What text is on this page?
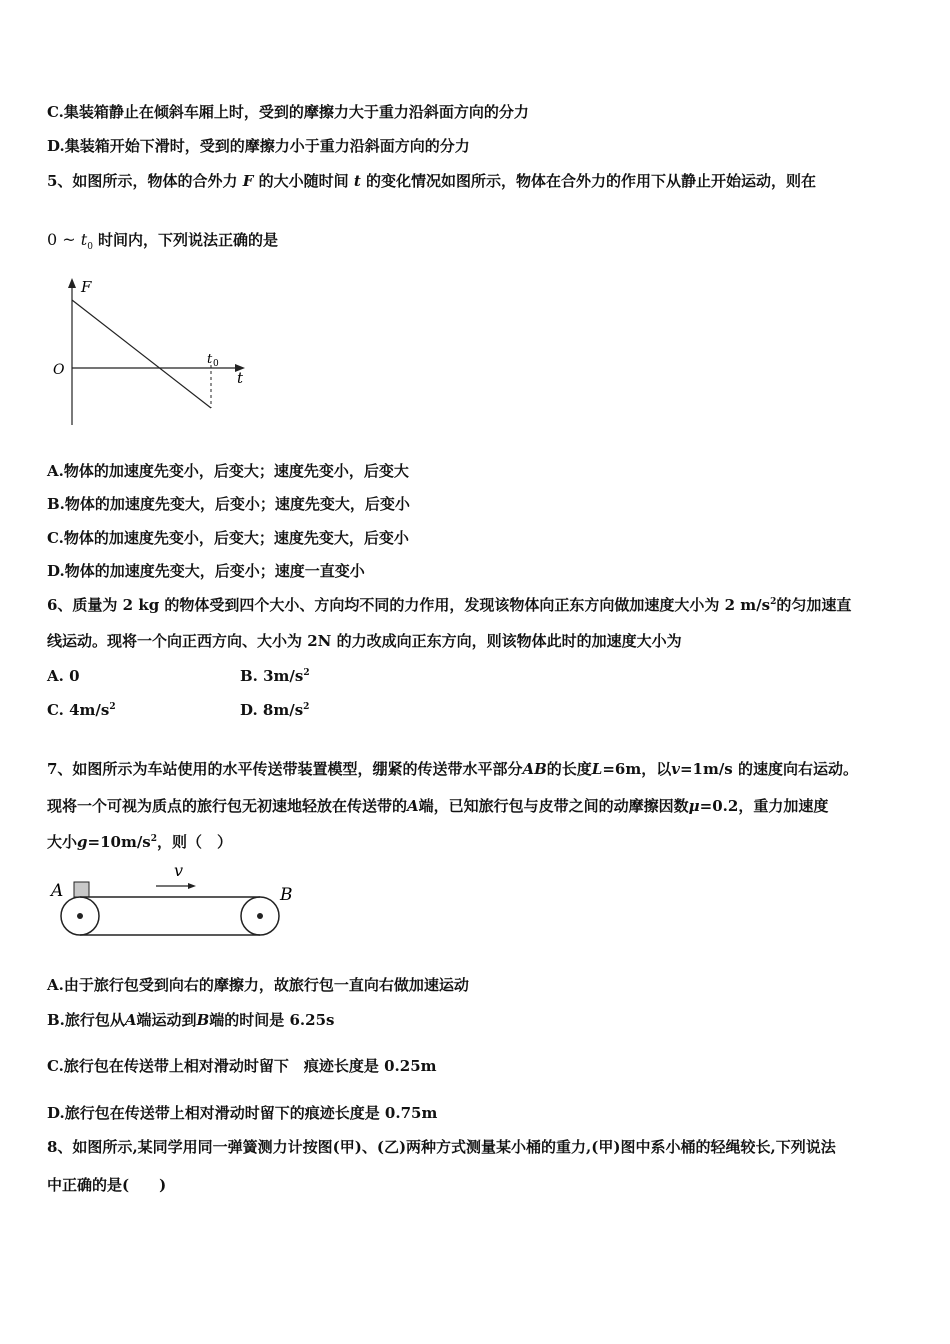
C.集装箱静止在倾斜车厢上时，受到的摩擦力大于重力沿斜面方向的分力
D.集装箱开始下滑时，受到的摩擦力小于重力沿斜面方向的分力
5、如图所示，物体的合外力 F 的大小随时间 t 的变化情况如图所示，物体在合外力的作用下从静止开始运动，则在
0 ~ $t_0$ 时间内，下列说法正确的是
F
O
t 0
t
A.物体的加速度先变小，后变大；速度先变小，后变大
B.物体的加速度先变大，后变小；速度先变大，后变小
C.物体的加速度先变小，后变大；速度先变大，后变小
D.物体的加速度先变大，后变小；速度一直变小
6、质量为 2 kg 的物体受到四个大小、方向均不同的力作用，发现该物体向正东方向做加速度大小为 2 $m/s^2$的匀加速直
线运动。现将一个向正西方向、大小为 2N 的力改成向正东方向，则该物体此时的加速度大小为
A. 0	B. $3m/s^2$
C. $4m/s^2$	D. $8m/s^2$
7、如图所示为车站使用的水平传送带装置模型，绷紧的传送带水平部分AB的长度L=6m，以v=1m/s 的速度向右运动。
现将一个可视为质点的旅行包无初速地轻放在传送带的A端，已知旅行包与皮带之间的动摩擦因数μ=0.2，重力加速度
大小$g=10m/s^2$，则（　）
A
v
B
A.由于旅行包受到向右的摩擦力，故旅行包一直向右做加速运动
B.旅行包从A端运动到B端的时间是 6.25s
C.旅行包在传送带上相对滑动时留下　痕迹长度是 0.25m
D.旅行包在传送带上相对滑动时留下的痕迹长度是 0.75m
8、如图所示,某同学用同一弹簧测力计按图(甲)、(乙)两种方式测量某小桶的重力,(甲)图中系小桶的轻绳较长,下列说法
中正确的是(　　)
